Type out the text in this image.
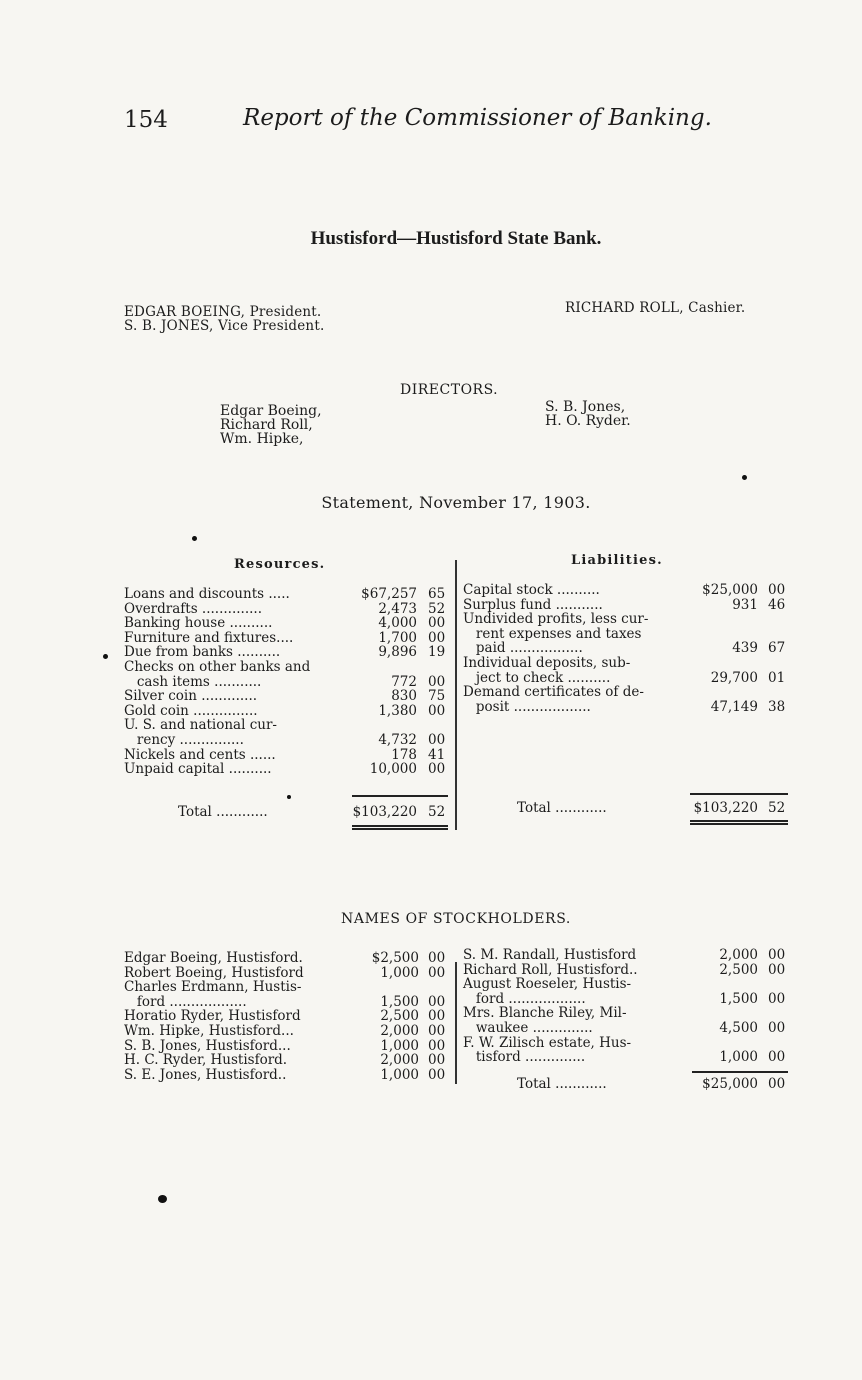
154	Report of the Commissioner of Banking.
Hustisford—Hustisford State Bank.
EDGAR BOEING, President.
S. B. JONES, Vice President.
RICHARD ROLL, Cashier.
DIRECTORS.
Edgar Boeing,
Richard Roll,
Wm. Hipke,
S. B. Jones,
H. O. Ryder.
Statement, November 17, 1903.
Resources.	Liabilities.
Loans and discounts .....	$67,257 65
Overdrafts ..............	2,473 52
Banking house ..........	4,000 00
Furniture and fixtures....	1,700 00
Due from banks ..........	9,896 19
Checks on other banks and
cash items ...........	772 00
Silver coin .............	830 75
Gold coin ...............	1,380 00
U. S. and national cur-
rency ...............	4,732 00
Nickels and cents ......	178 41
Unpaid capital ..........	10,000 00
Total ............	$103,220 52
Capital stock ..........	$25,000 00
Surplus fund ...........	931 46
Undivided profits, less cur-
rent expenses and taxes
paid .................	439 67
Individual deposits, sub-
ject to check ..........	29,700 01
Demand certificates of de-
posit ..................	47,149 38
Total ............	$103,220 52
NAMES OF STOCKHOLDERS.
Edgar Boeing, Hustisford.	$2,500 00
Robert Boeing, Hustisford	1,000 00
Charles Erdmann, Hustis-
ford ..................	1,500 00
Horatio Ryder, Hustisford	2,500 00
Wm. Hipke, Hustisford...	2,000 00
S. B. Jones, Hustisford...	1,000 00
H. C. Ryder, Hustisford.	2,000 00
S. E. Jones, Hustisford..	1,000 00
S. M. Randall, Hustisford	2,000 00
Richard Roll, Hustisford..	2,500 00
August Roeseler, Hustis-
ford ..................	1,500 00
Mrs. Blanche Riley, Mil-
waukee ..............	4,500 00
F. W. Zilisch estate, Hus-
tisford ..............	1,000 00
Total ............	$25,000 00
